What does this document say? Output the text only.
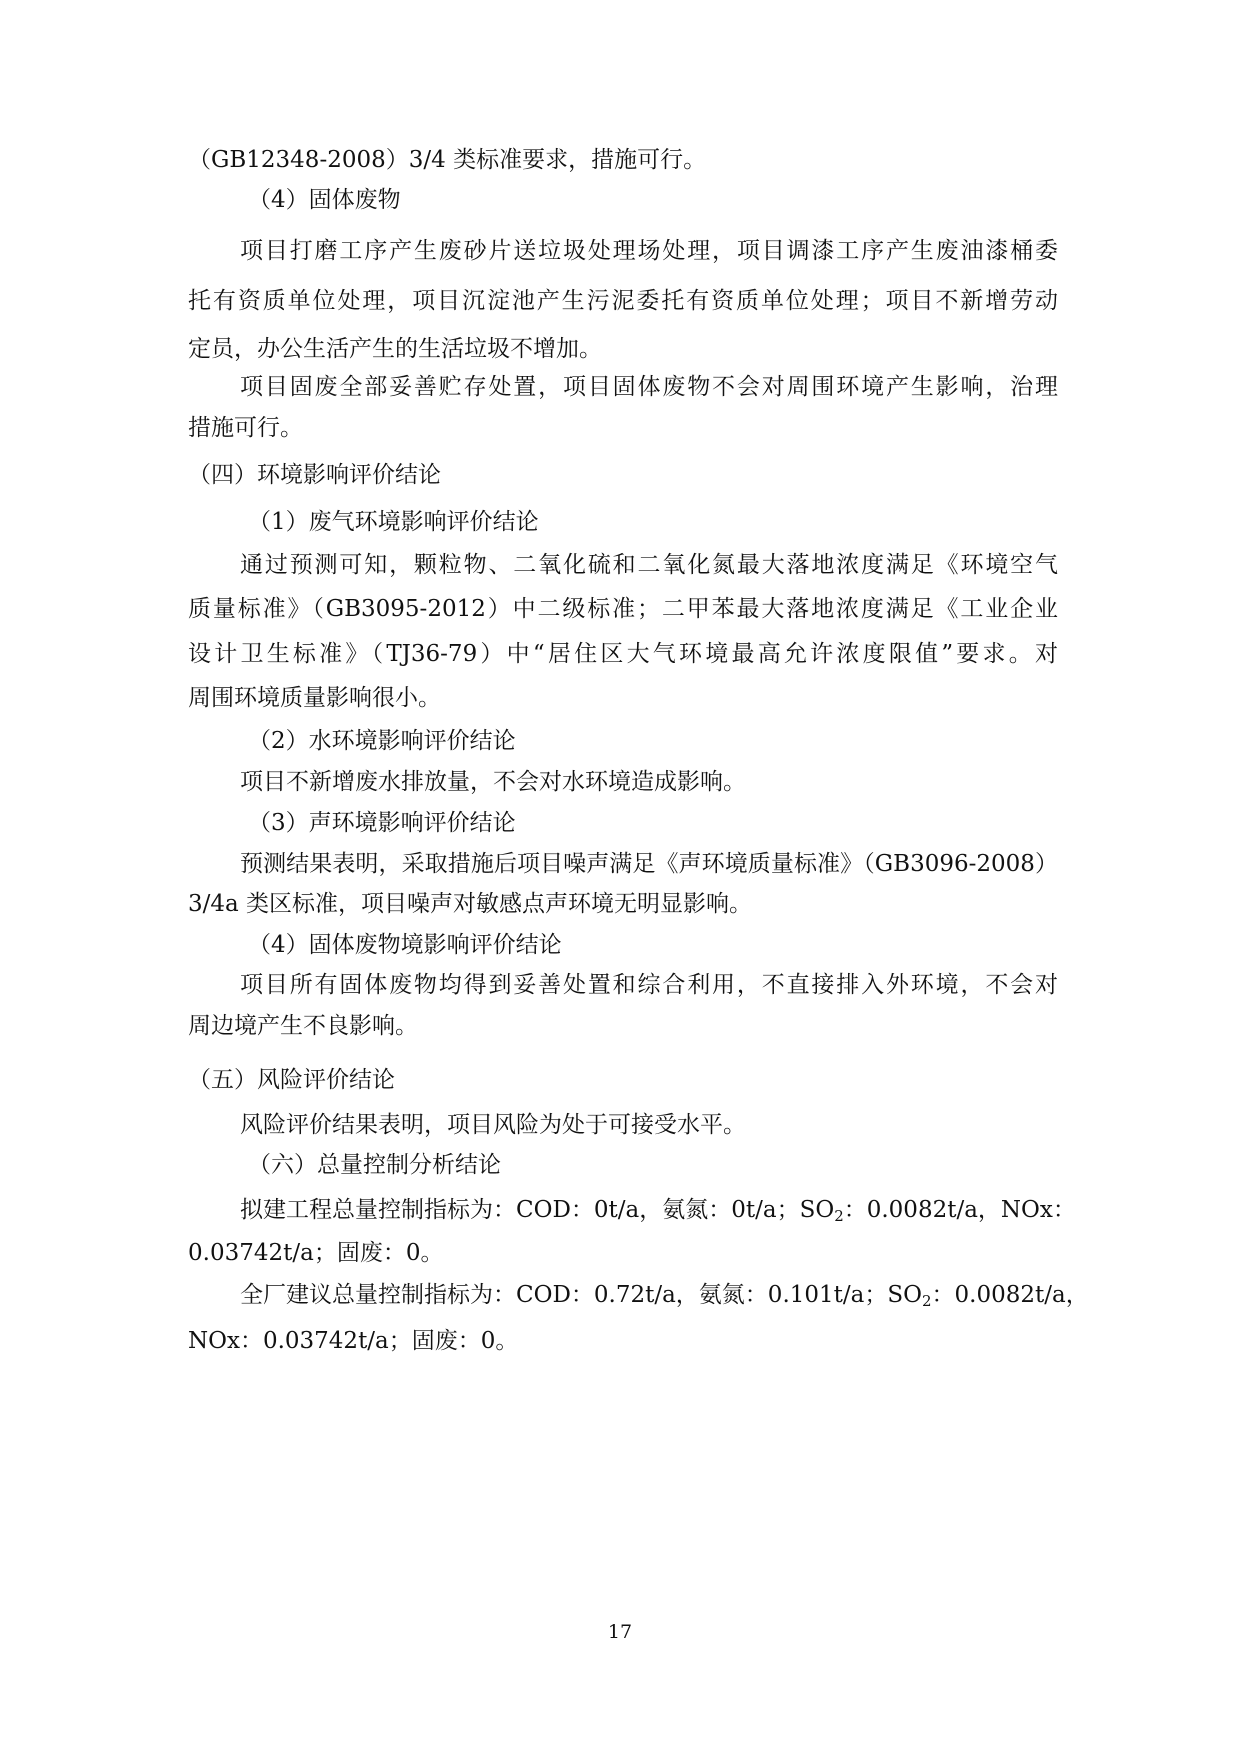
（GB12348-2008）3/4 类标准要求，措施可行。
（4）固体废物
项目打磨工序产生废砂片送垃圾处理场处理，项目调漆工序产生废油漆桶委
托有资质单位处理，项目沉淀池产生污泥委托有资质单位处理；项目不新增劳动
定员，办公生活产生的生活垃圾不增加。
项目固废全部妥善贮存处置，项目固体废物不会对周围环境产生影响，治理
措施可行。
（四）环境影响评价结论
（1）废气环境影响评价结论
通过预测可知，颗粒物、二氧化硫和二氧化氮最大落地浓度满足《环境空气
质量标准》（GB3095-2012）中二级标准；二甲苯最大落地浓度满足《工业企业
设计卫生标准》（TJ36-79）中“居住区大气环境最高允许浓度限值”要求。对
周围环境质量影响很小。
（2）水环境影响评价结论
项目不新增废水排放量，不会对水环境造成影响。
（3）声环境影响评价结论
预测结果表明，采取措施后项目噪声满足《声环境质量标准》（GB3096-2008）
3/4a 类区标准，项目噪声对敏感点声环境无明显影响。
（4）固体废物境影响评价结论
项目所有固体废物均得到妥善处置和综合利用，不直接排入外环境，不会对
周边境产生不良影响。
（五）风险评价结论
风险评价结果表明，项目风险为处于可接受水平。
（六）总量控制分析结论
拟建工程总量控制指标为：COD：0t/a，氨氮：0t/a；$SO_2$：0.0082t/a，NOx：
0.03742t/a；固废：0。
全厂建议总量控制指标为：COD：0.72t/a，氨氮：0.101t/a；$SO_2$：0.0082t/a，
NOx：0.03742t/a；固废：0。
17
